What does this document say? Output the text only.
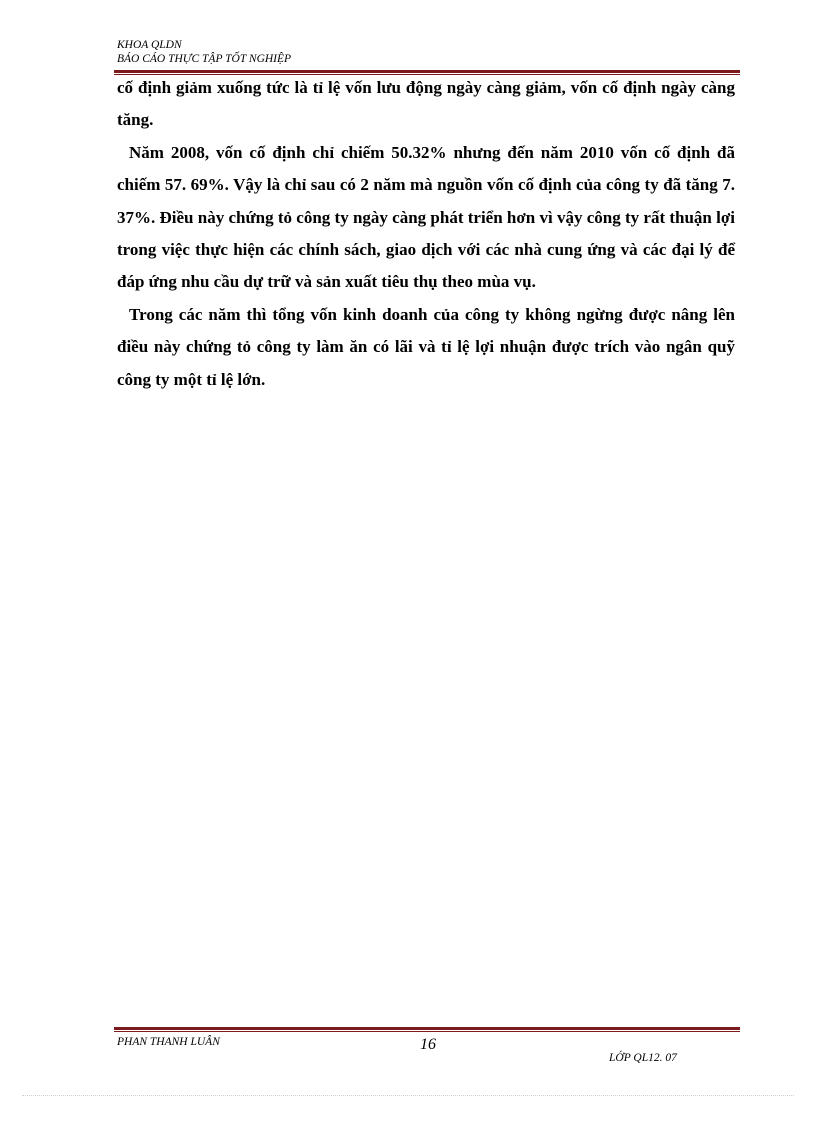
KHOA QLDN
BÁO CÁO THỰC TẬP TỐT NGHIỆP

cố định giảm xuống tức là tỉ lệ vốn lưu động ngày càng giảm, vốn cố định ngày càng tăng.

Năm 2008, vốn cố định chỉ chiếm 50.32% nhưng đến năm 2010 vốn cố định đã chiếm 57. 69%. Vậy là chỉ sau có 2 năm mà nguồn vốn cố định của công ty đã tăng 7. 37%. Điều này chứng tỏ công ty ngày càng phát triển hơn vì vậy công ty rất thuận lợi trong việc thực hiện các chính sách, giao dịch với các nhà cung ứng và các đại lý để đáp ứng nhu cầu dự trữ và sản xuất tiêu thụ theo mùa vụ.

Trong các năm thì tổng vốn kinh doanh của công ty không ngừng được nâng lên điều này chứng tỏ công ty làm ăn có lãi và tỉ lệ lợi nhuận được trích vào ngân quỹ công ty một tỉ lệ lớn.

PHAN THANH LUÂN	16
LỚP QL12. 07
